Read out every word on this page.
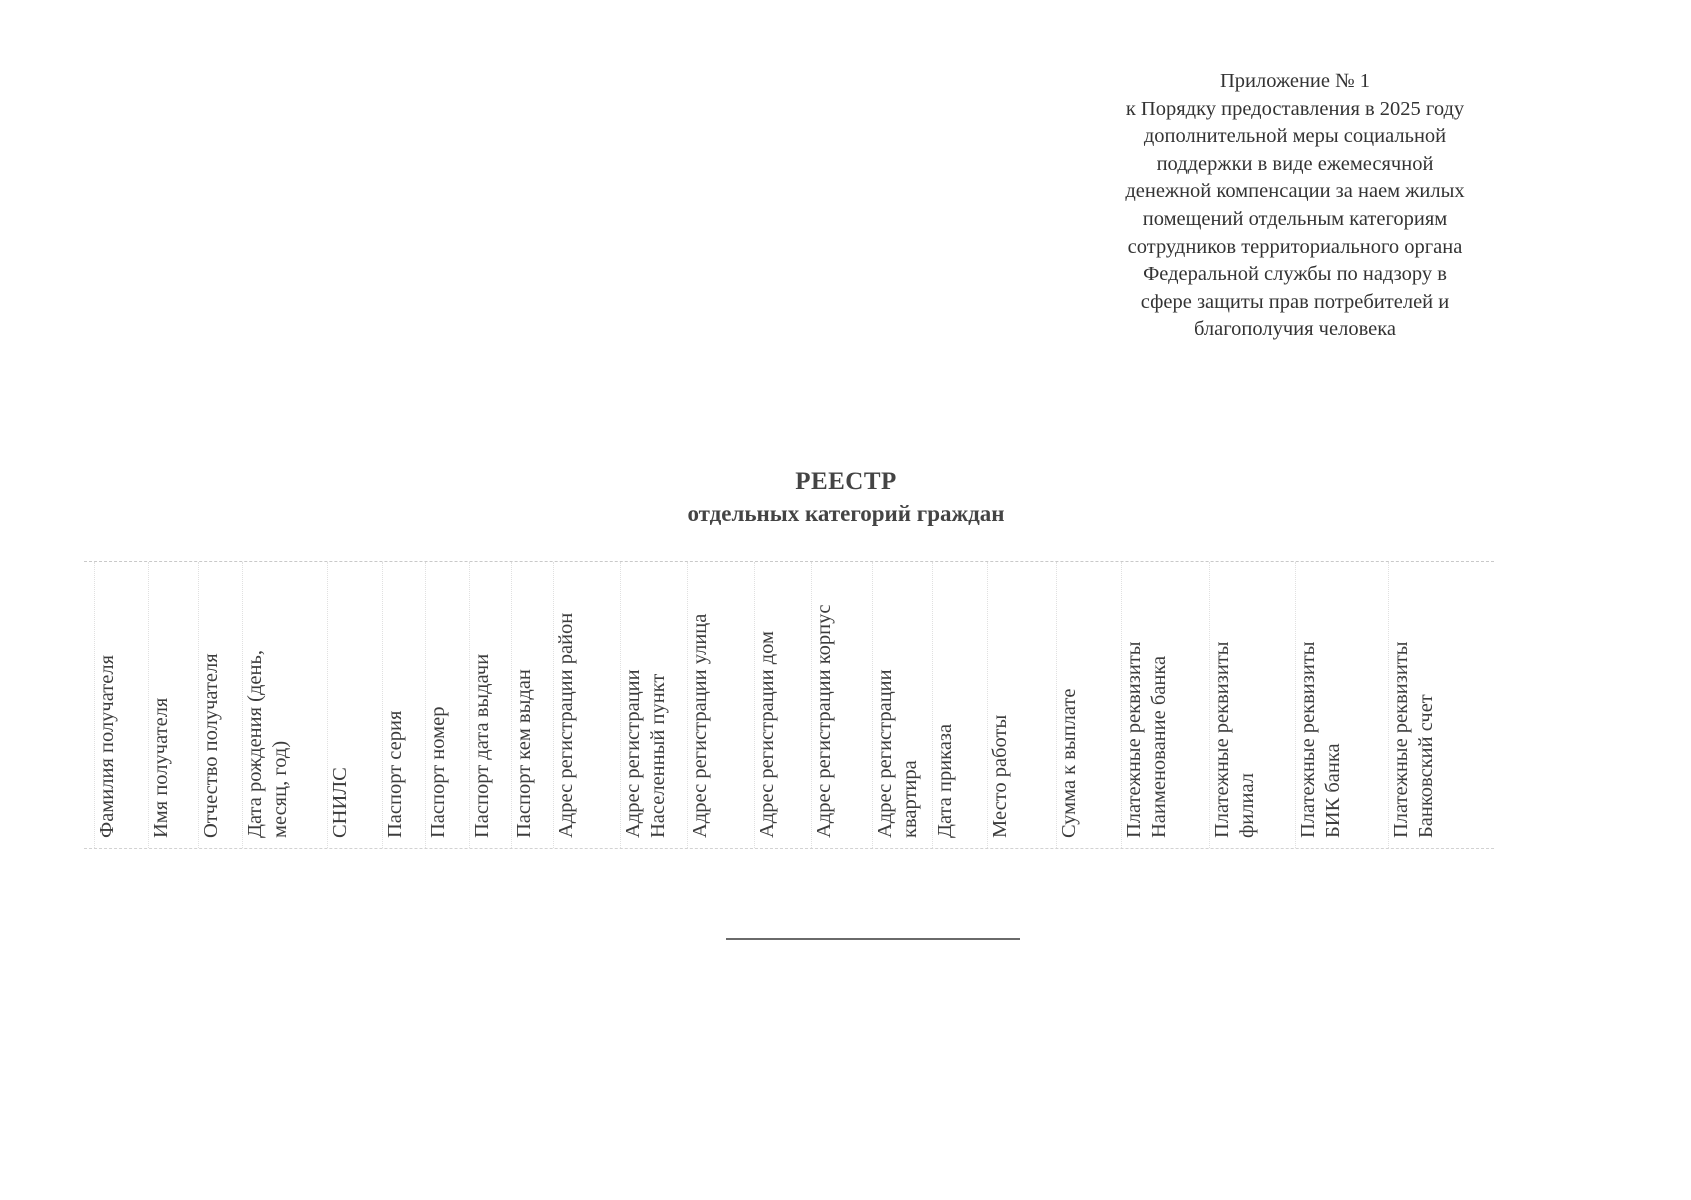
Приложение № 1
к Порядку предоставления в 2025 году
дополнительной меры социальной
поддержки в виде ежемесячной
денежной компенсации за наем жилых
помещений отдельным категориям
сотрудников территориального органа
Федеральной службы по надзору в
сфере защиты прав потребителей и
благополучия человека
РЕЕСТР
отдельных категорий граждан
Фамилия получателя Имя получателя Отчество получателя Дата рождения (день, месяц, год) СНИЛС Паспорт серия Паспорт номер Паспорт дата выдачи Паспорт кем выдан Адрес регистрации район Адрес регистрации Населенный пункт Адрес регистрации улица Адрес регистрации дом Адрес регистрации корпус Адрес регистрации квартира Дата приказа Место работы Сумма к выплате Платежные реквизиты Наименование банка Платежные реквизиты филиал Платежные реквизиты БИК банка Платежные реквизиты Банковский счет
